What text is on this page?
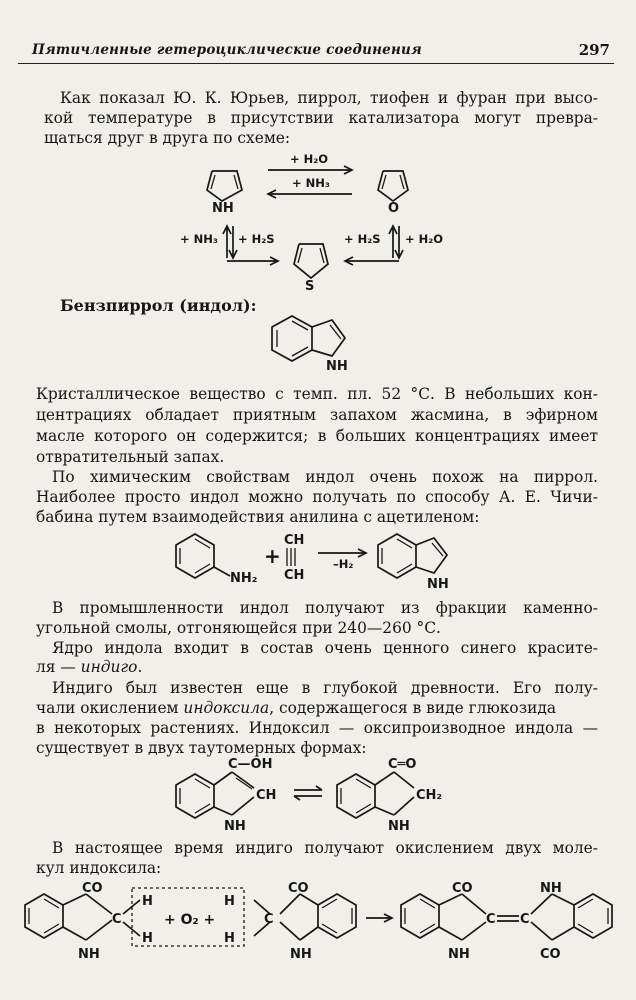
Пятичленные гетероциклические соединения	297
Как показал Ю. К. Юрьев, пиррол, тиофен и фуран при высо-
кой температуре в присутствии катализатора могут превра-
щаться друг в друга по схеме:
NH	O
+ H₂O
+ NH₃
+ NH₃ + H₂S	+ H₂S + H₂O
S
Бензпиррол (индол):
NH
Кристаллическое вещество с темп. пл. 52 °С. В небольших кон-
центрациях обладает приятным запахом жасмина, в эфирном
масле которого он содержится; в больших концентрациях имеет
отвратительный запах.
По химическим свойствам индол очень похож на пиррол.
Наиболее просто индол можно получать по способу А. Е. Чичи-
бабина путем взаимодействия анилина с ацетиленом:
NH₂
+
CH
CH
–H₂
NH
В промышленности индол получают из фракции каменно-
угольной смолы, отгоняющейся при 240—260 °С.
Ядро индола входит в состав очень ценного синего красите-
ля — индиго.
Индиго был известен еще в глубокой древности. Его полу-
чали окислением индоксила, содержащегося в виде глюкозида
в некоторых растениях. Индоксил — оксипроизводное индола —
существует в двух таутомерных формах:
C—OH
CH
NH
C═O
CH₂
NH
В настоящее время индиго получают окислением двух моле-
кул индоксила:
CO
NH
C
H
H
+ O₂ +
H
H
C
CO
NH
CO
NH
C C
NH
CO
